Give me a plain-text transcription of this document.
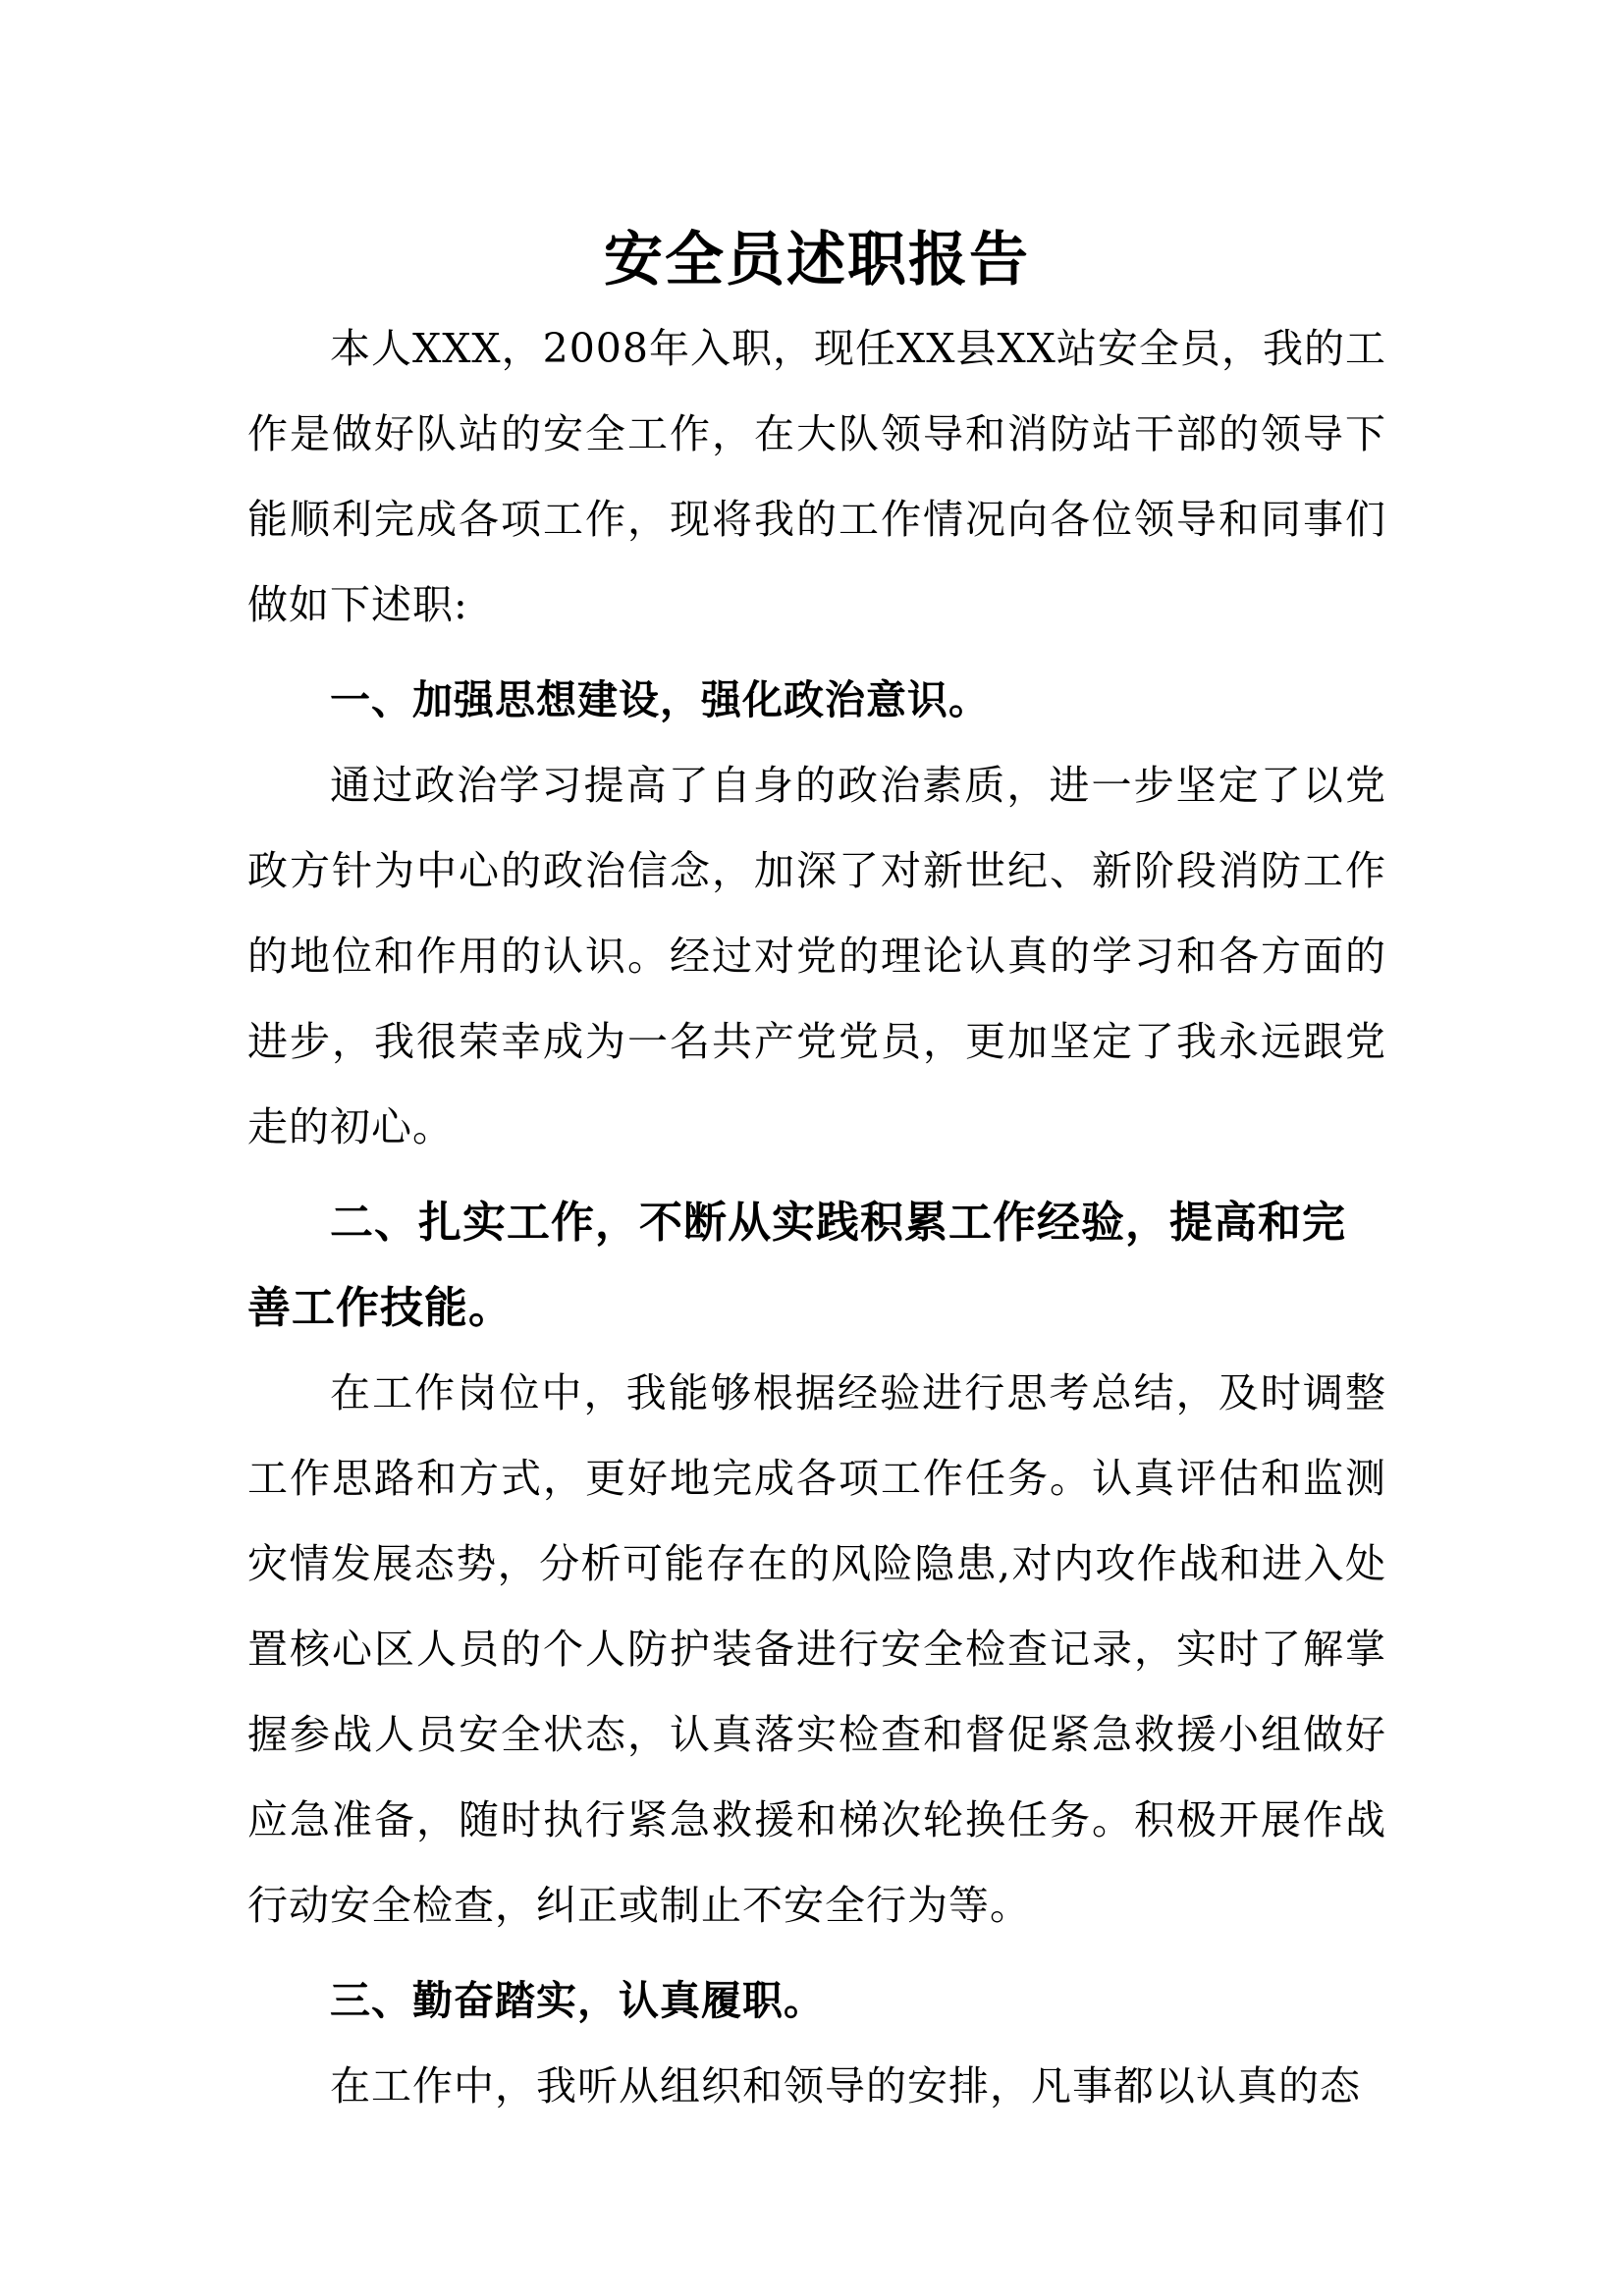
安全员述职报告

本人XXX，2008年入职，现任XX县XX站安全员，我的工作是做好队站的安全工作，在大队领导和消防站干部的领导下能顺利完成各项工作，现将我的工作情况向各位领导和同事们做如下述职:

一、加强思想建设，强化政治意识。

通过政治学习提高了自身的政治素质，进一步坚定了以党政方针为中心的政治信念，加深了对新世纪、新阶段消防工作的地位和作用的认识。经过对党的理论认真的学习和各方面的进步，我很荣幸成为一名共产党党员，更加坚定了我永远跟党走的初心。

二、扎实工作，不断从实践积累工作经验，提高和完善工作技能。

在工作岗位中，我能够根据经验进行思考总结，及时调整工作思路和方式，更好地完成各项工作任务。认真评估和监测灾情发展态势，分析可能存在的风险隐患,对内攻作战和进入处置核心区人员的个人防护装备进行安全检查记录，实时了解掌握参战人员安全状态，认真落实检查和督促紧急救援小组做好应急准备，随时执行紧急救援和梯次轮换任务。积极开展作战行动安全检查，纠正或制止不安全行为等。

三、勤奋踏实，认真履职。

在工作中，我听从组织和领导的安排，凡事都以认真的态
